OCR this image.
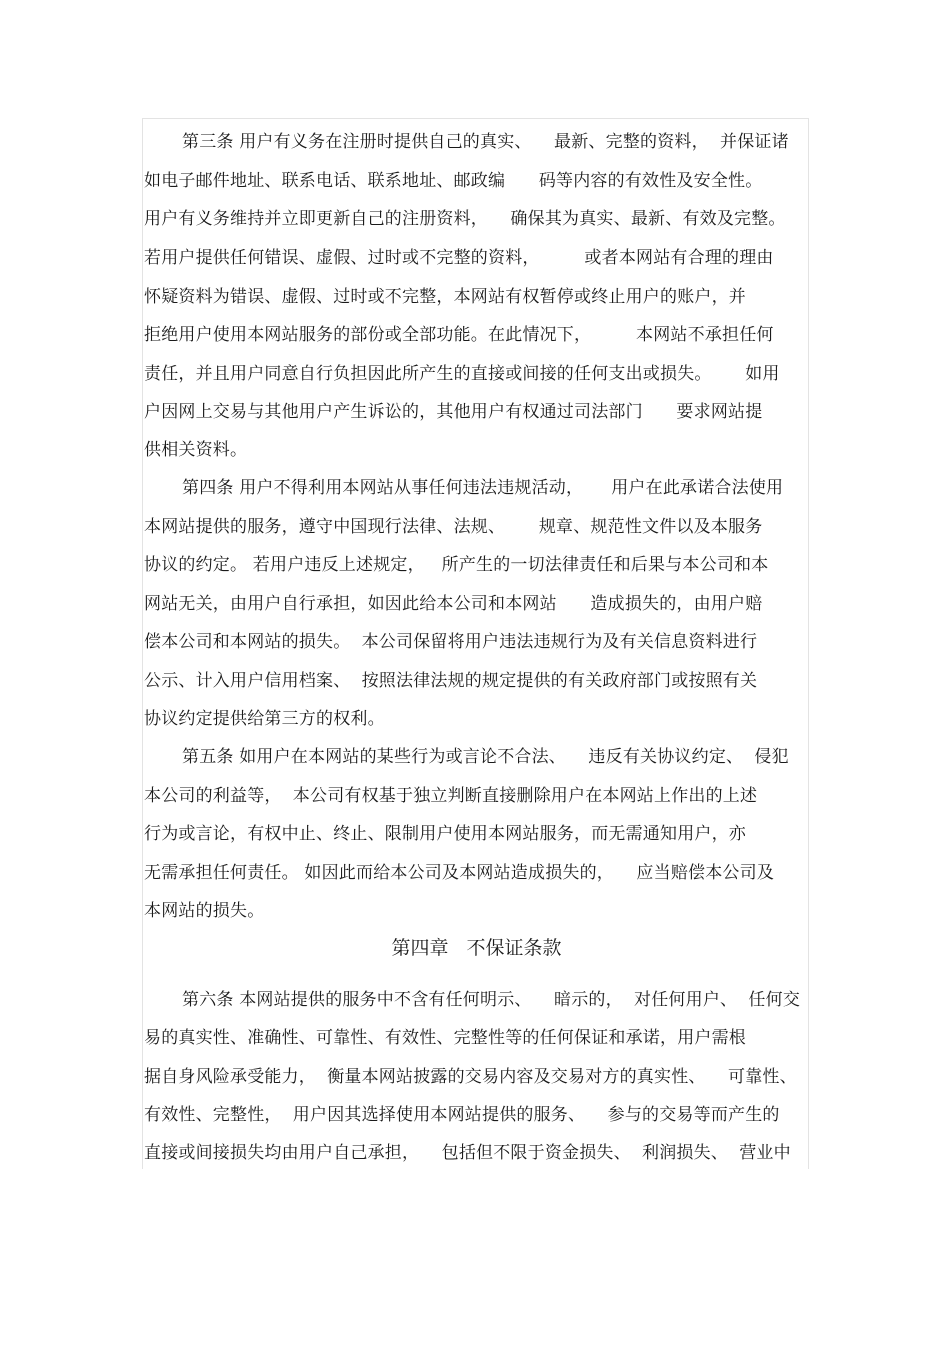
第三条 用户有义务在注册时提供自己的真实、    最新、完整的资料，  并保证诸
如电子邮件地址、联系电话、联系地址、邮政编      码等内容的有效性及安全性。
用户有义务维持并立即更新自己的注册资料，    确保其为真实、最新、有效及完整。
若用户提供任何错误、虚假、过时或不完整的资料，        或者本网站有合理的理由
怀疑资料为错误、虚假、过时或不完整，本网站有权暂停或终止用户的账户，并
拒绝用户使用本网站服务的部份或全部功能。在此情况下，        本网站不承担任何
责任，并且用户同意自行负担因此所产生的直接或间接的任何支出或损失。      如用
户因网上交易与其他用户产生诉讼的，其他用户有权通过司法部门      要求网站提
供相关资料。
第四条 用户不得利用本网站从事任何违法违规活动，     用户在此承诺合法使用
本网站提供的服务，遵守中国现行法律、法规、      规章、规范性文件以及本服务
协议的约定。 若用户违反上述规定，   所产生的一切法律责任和后果与本公司和本
网站无关，由用户自行承担，如因此给本公司和本网站      造成损失的，由用户赔
偿本公司和本网站的损失。  本公司保留将用户违法违规行为及有关信息资料进行
公示、计入用户信用档案、  按照法律法规的规定提供的有关政府部门或按照有关
协议约定提供给第三方的权利。
第五条 如用户在本网站的某些行为或言论不合法、    违反有关协议约定、  侵犯
本公司的利益等，  本公司有权基于独立判断直接删除用户在本网站上作出的上述
行为或言论，有权中止、终止、限制用户使用本网站服务，而无需通知用户，亦
无需承担任何责任。 如因此而给本公司及本网站造成损失的，    应当赔偿本公司及
本网站的损失。
第四章   不保证条款
第六条 本网站提供的服务中不含有任何明示、    暗示的，  对任何用户、  任何交
易的真实性、准确性、可靠性、有效性、完整性等的任何保证和承诺，用户需根
据自身风险承受能力，  衡量本网站披露的交易内容及交易对方的真实性、    可靠性、
有效性、完整性，  用户因其选择使用本网站提供的服务、    参与的交易等而产生的
直接或间接损失均由用户自己承担，    包括但不限于资金损失、  利润损失、  营业中
